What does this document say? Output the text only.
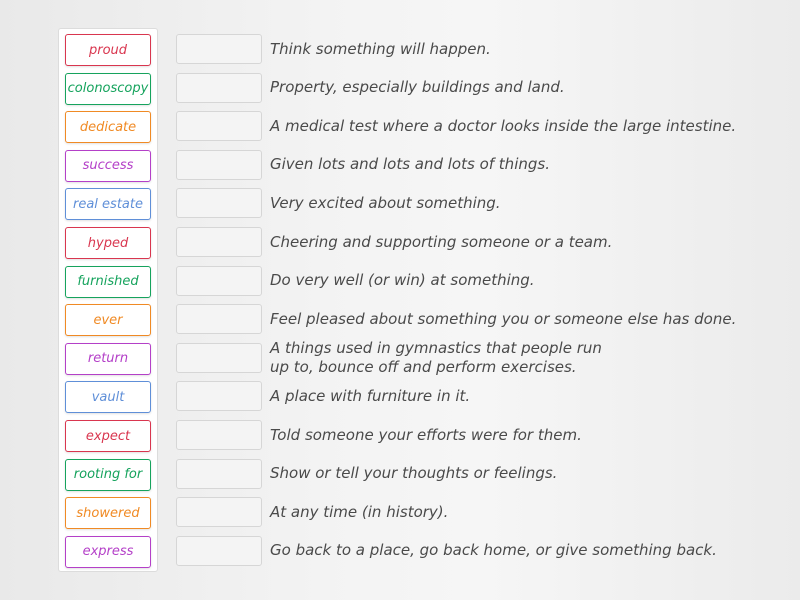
proud
colonoscopy
dedicate
success
real estate
hyped
furnished
ever
return
vault
expect
rooting for
showered
express
Think something will happen.
Property, especially buildings and land.
A medical test where a doctor looks inside the large intestine.
Given lots and lots and lots of things.
Very excited about something.
Cheering and supporting someone or a team.
Do very well (or win) at something.
Feel pleased about something you or someone else has done.
A things used in gymnastics that people run
up to, bounce off and perform exercises.
A place with furniture in it.
Told someone your efforts were for them.
Show or tell your thoughts or feelings.
At any time (in history).
Go back to a place, go back home, or give something back.
